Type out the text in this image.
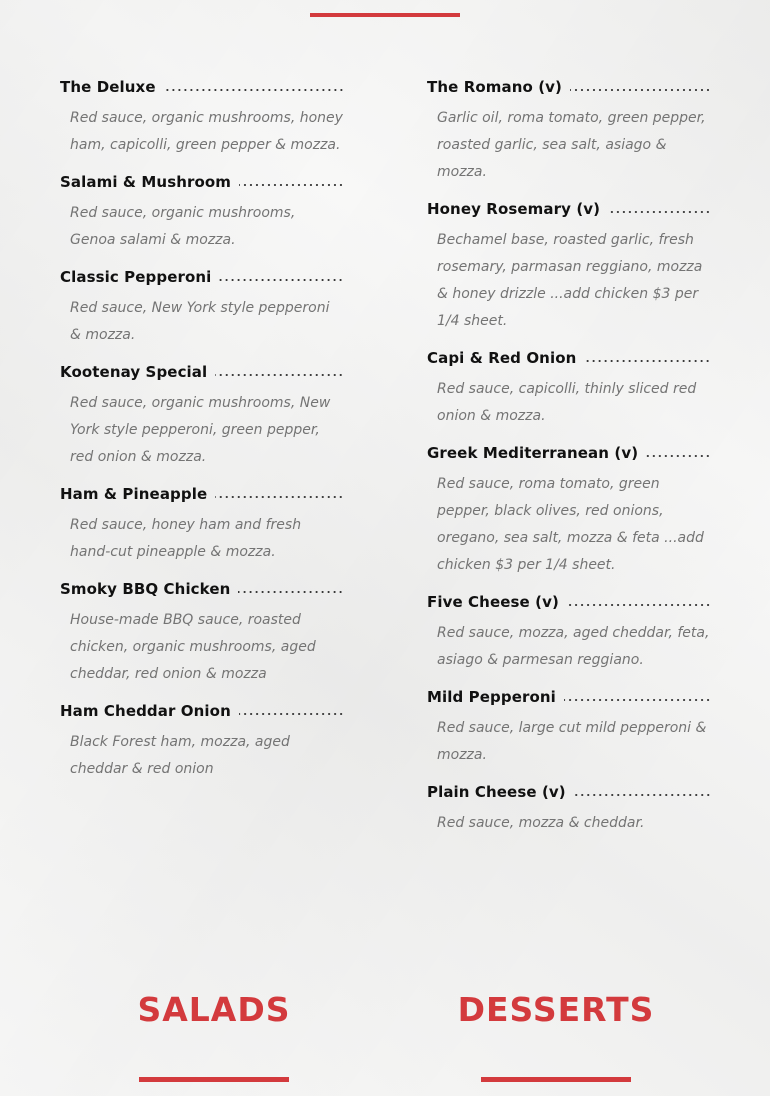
The Deluxe
Red sauce, organic mushrooms, honey ham, capicolli, green pepper & mozza.
Salami & Mushroom
Red sauce, organic mushrooms, Genoa salami & mozza.
Classic Pepperoni
Red sauce, New York style pepperoni & mozza.
Kootenay Special
Red sauce, organic mushrooms, New York style pepperoni, green pepper, red onion & mozza.
Ham & Pineapple
Red sauce, honey ham and fresh hand-cut pineapple & mozza.
Smoky BBQ Chicken
House-made BBQ sauce, roasted chicken, organic mushrooms, aged cheddar, red onion & mozza
Ham Cheddar Onion
Black Forest ham, mozza, aged cheddar & red onion
The Romano (v)
Garlic oil, roma tomato, green pepper, roasted garlic, sea salt, asiago & mozza.
Honey Rosemary (v)
Bechamel base, roasted garlic, fresh rosemary, parmasan reggiano, mozza & honey drizzle ...add chicken $3 per 1/4 sheet.
Capi & Red Onion
Red sauce, capicolli, thinly sliced red onion & mozza.
Greek Mediterranean (v)
Red sauce, roma tomato, green pepper, black olives, red onions, oregano, sea salt, mozza & feta ...add chicken $3 per 1/4 sheet.
Five Cheese (v)
Red sauce, mozza, aged cheddar, feta, asiago & parmesan reggiano.
Mild Pepperoni
Red sauce, large cut mild pepperoni & mozza.
Plain Cheese (v)
Red sauce, mozza & cheddar.
SALADS	DESSERTS
